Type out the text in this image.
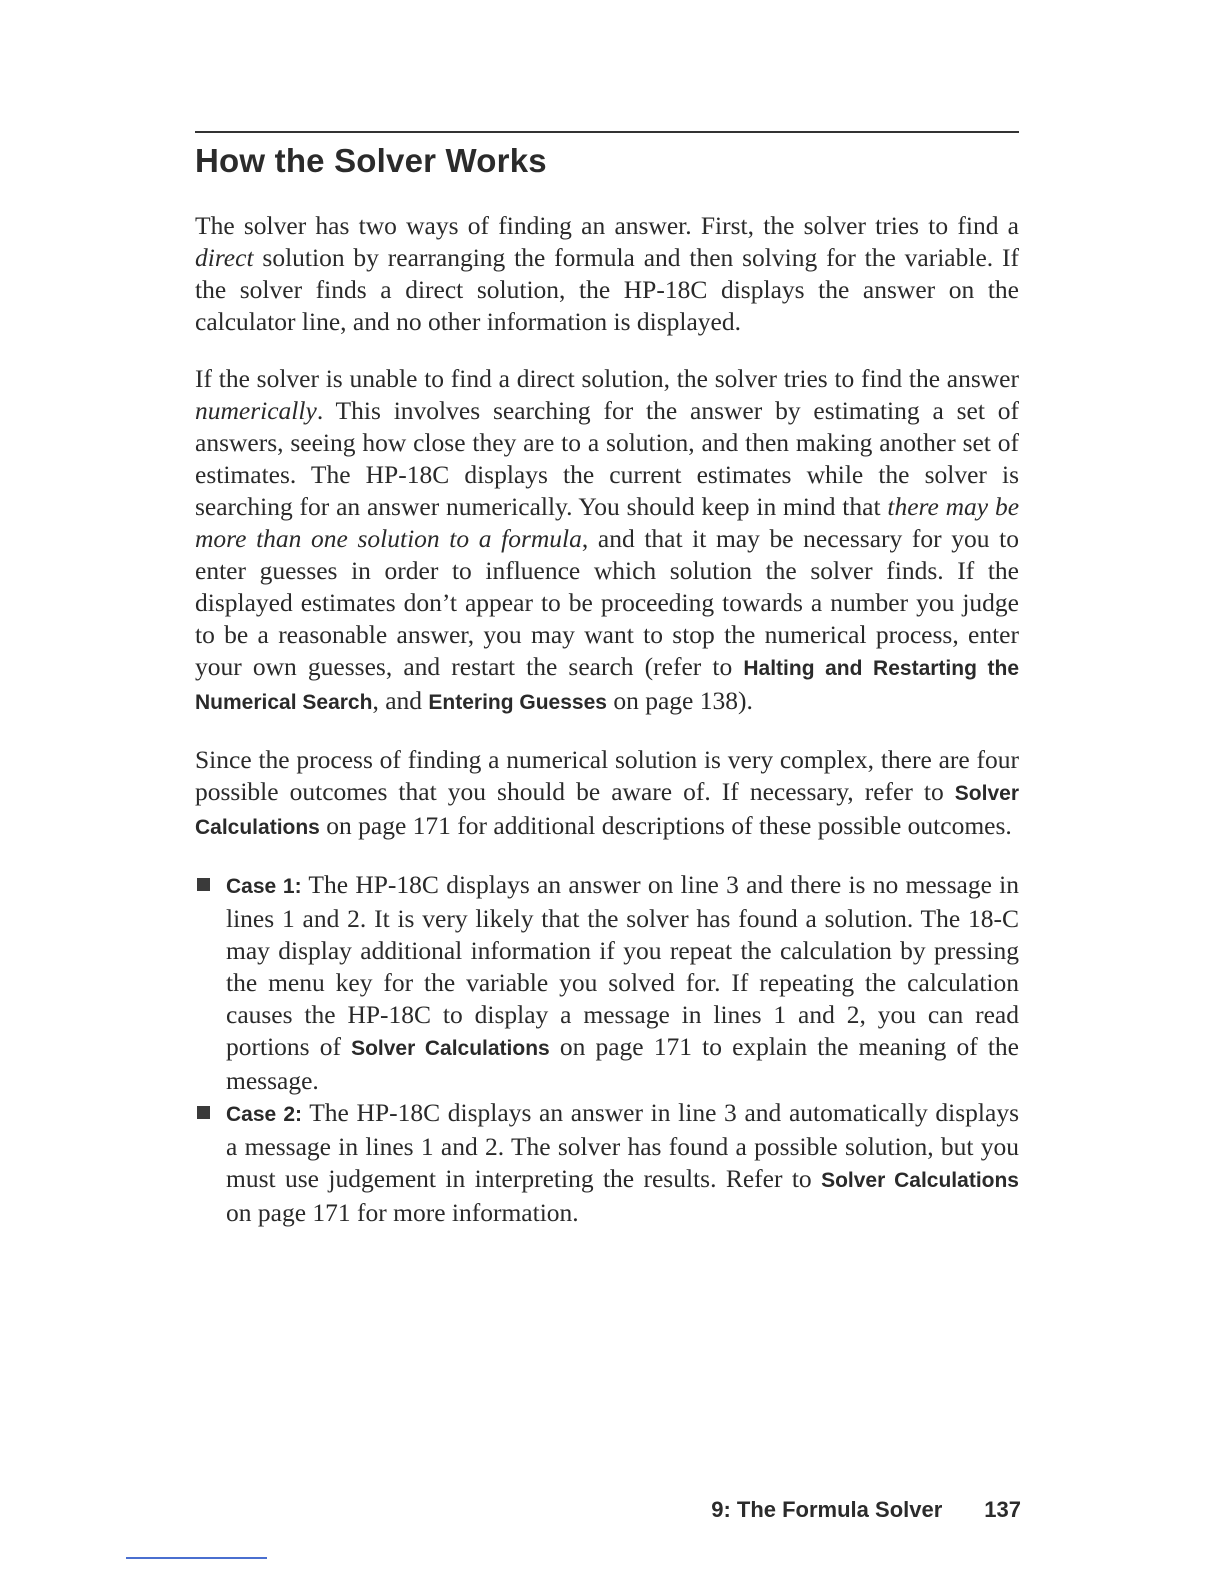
How the Solver Works

The solver has two ways of finding an answer. First, the solver tries to find a direct solution by rearranging the formula and then solving for the variable. If the solver finds a direct solution, the HP-18C displays the answer on the calculator line, and no other information is displayed.

If the solver is unable to find a direct solution, the solver tries to find the answer numerically. This involves searching for the answer by estimating a set of answers, seeing how close they are to a solution, and then making another set of estimates. The HP-18C displays the current estimates while the solver is searching for an answer numerically. You should keep in mind that there may be more than one solution to a formula, and that it may be necessary for you to enter guesses in order to influence which solution the solver finds. If the displayed estimates don’t appear to be proceeding towards a number you judge to be a reasonable answer, you may want to stop the numerical process, enter your own guesses, and restart the search (refer to Halting and Restarting the Numerical Search, and Entering Guesses on page 138).

Since the process of finding a numerical solution is very complex, there are four possible outcomes that you should be aware of. If necessary, refer to Solver Calculations on page 171 for additional descriptions of these possible outcomes.

Case 1: The HP-18C displays an answer on line 3 and there is no message in lines 1 and 2. It is very likely that the solver has found a solution. The 18-C may display additional information if you repeat the calculation by pressing the menu key for the variable you solved for. If repeating the calculation causes the HP-18C to display a message in lines 1 and 2, you can read portions of Solver Calculations on page 171 to explain the meaning of the message.
Case 2: The HP-18C displays an answer in line 3 and automatically displays a message in lines 1 and 2. The solver has found a possible solution, but you must use judgement in interpreting the results. Refer to Solver Calculations on page 171 for more information.
9: The Formula Solver 137
